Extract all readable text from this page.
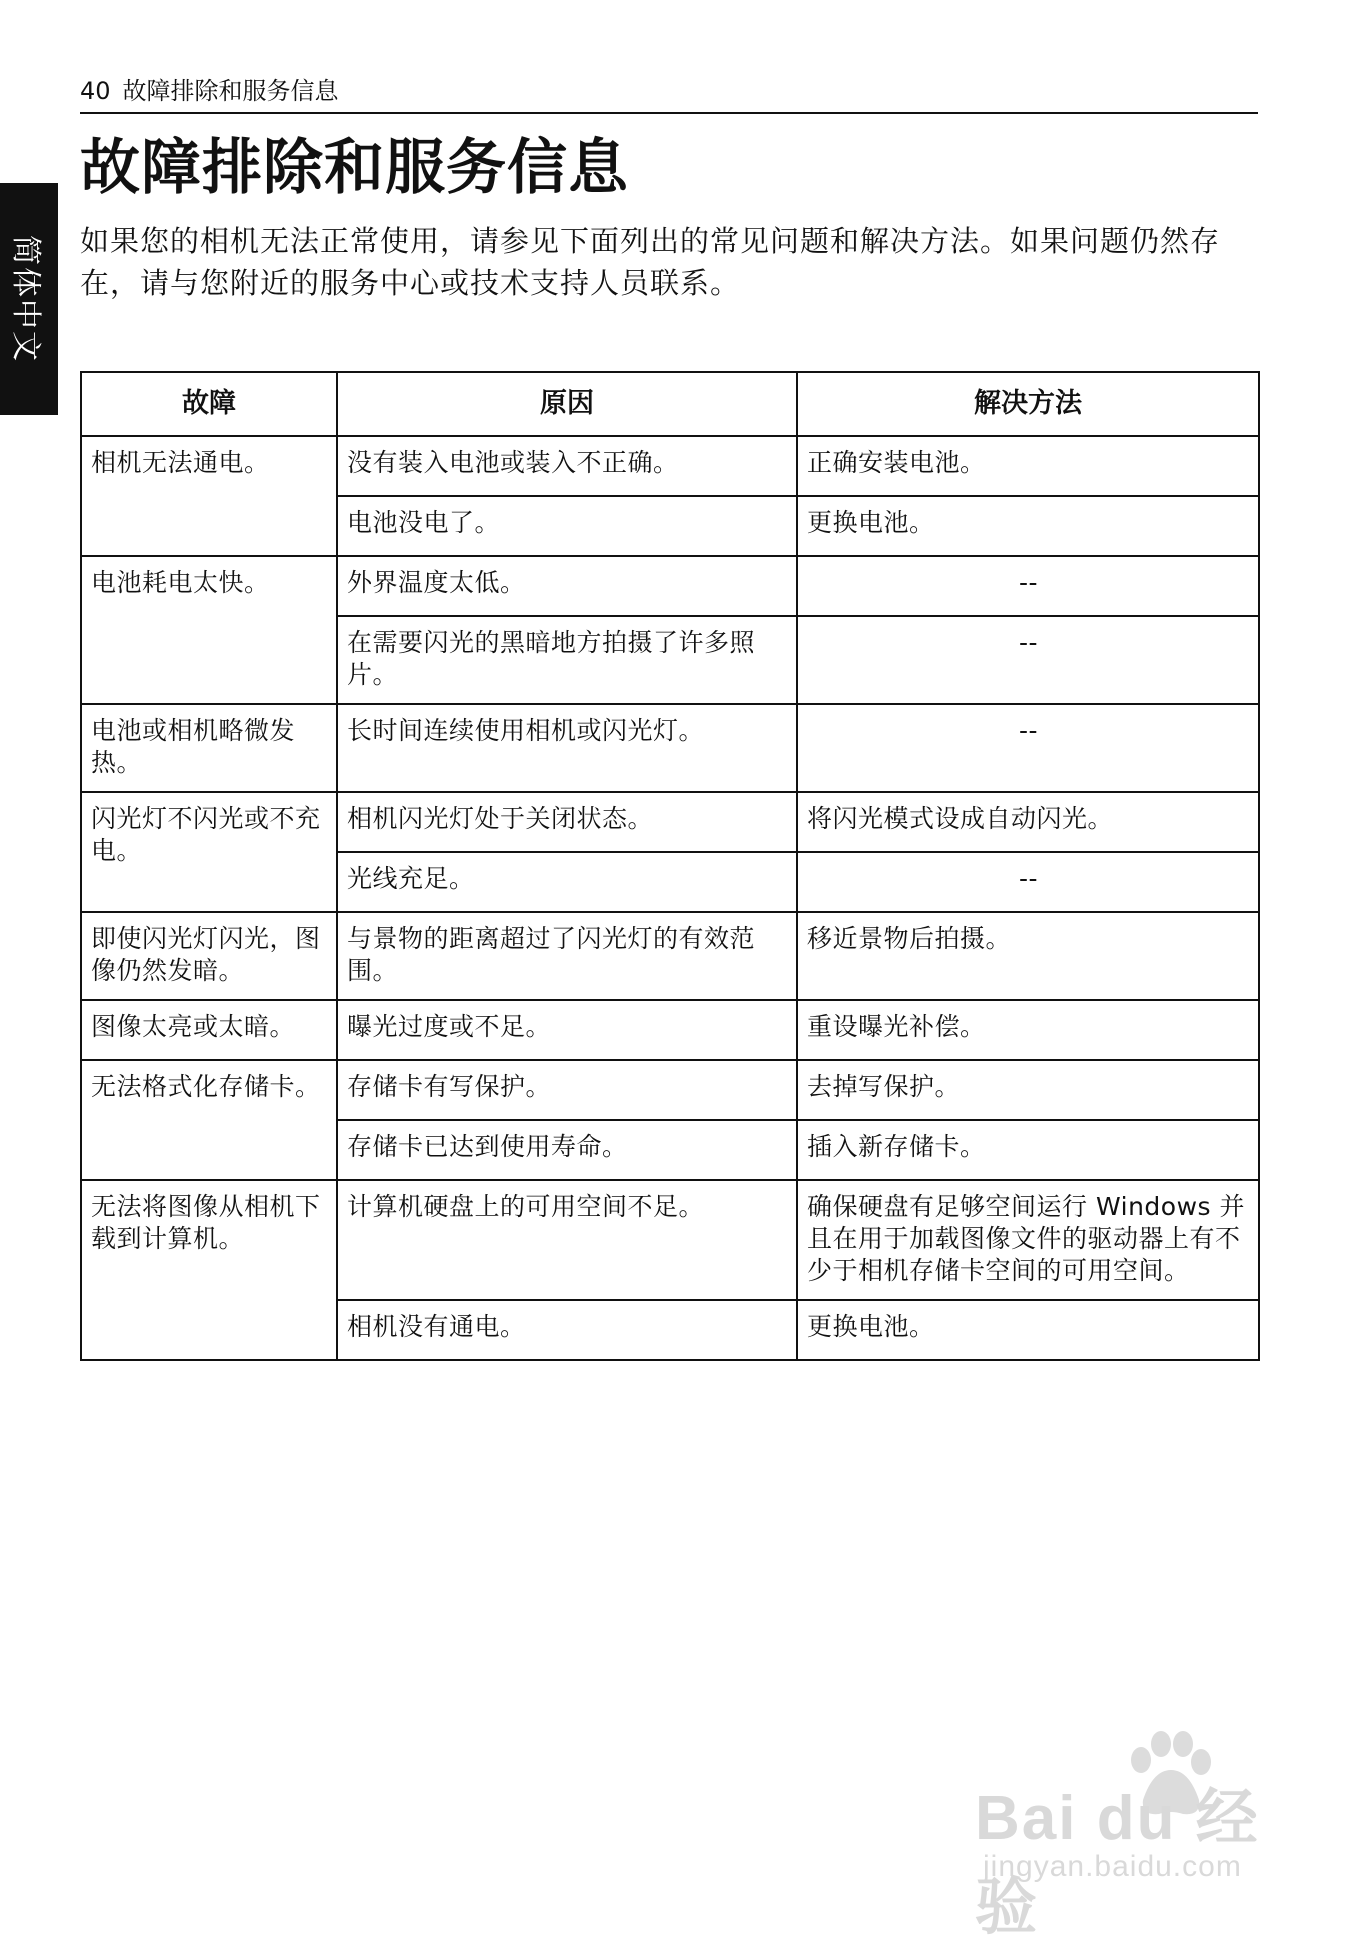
40 故障排除和服务信息
简体中文
故障排除和服务信息
如果您的相机无法正常使用，请参见下面列出的常见问题和解决方法。如果问题仍然存在，请与您附近的服务中心或技术支持人员联系。
故障	原因	解决方法
相机无法通电。	没有装入电池或装入不正确。	正确安装电池。
	电池没电了。	更换电池。
电池耗电太快。	外界温度太低。	--
	在需要闪光的黑暗地方拍摄了许多照片。	--
电池或相机略微发热。	长时间连续使用相机或闪光灯。	--
闪光灯不闪光或不充电。	相机闪光灯处于关闭状态。	将闪光模式设成自动闪光。
	光线充足。	--
即使闪光灯闪光，图像仍然发暗。	与景物的距离超过了闪光灯的有效范围。	移近景物后拍摄。
图像太亮或太暗。	曝光过度或不足。	重设曝光补偿。
无法格式化存储卡。	存储卡有写保护。	去掉写保护。
	存储卡已达到使用寿命。	插入新存储卡。
无法将图像从相机下载到计算机。	计算机硬盘上的可用空间不足。	确保硬盘有足够空间运行 Windows 并且在用于加载图像文件的驱动器上有不少于相机存储卡空间的可用空间。
	相机没有通电。	更换电池。
Bai du 经验
jingyan.baidu.com
